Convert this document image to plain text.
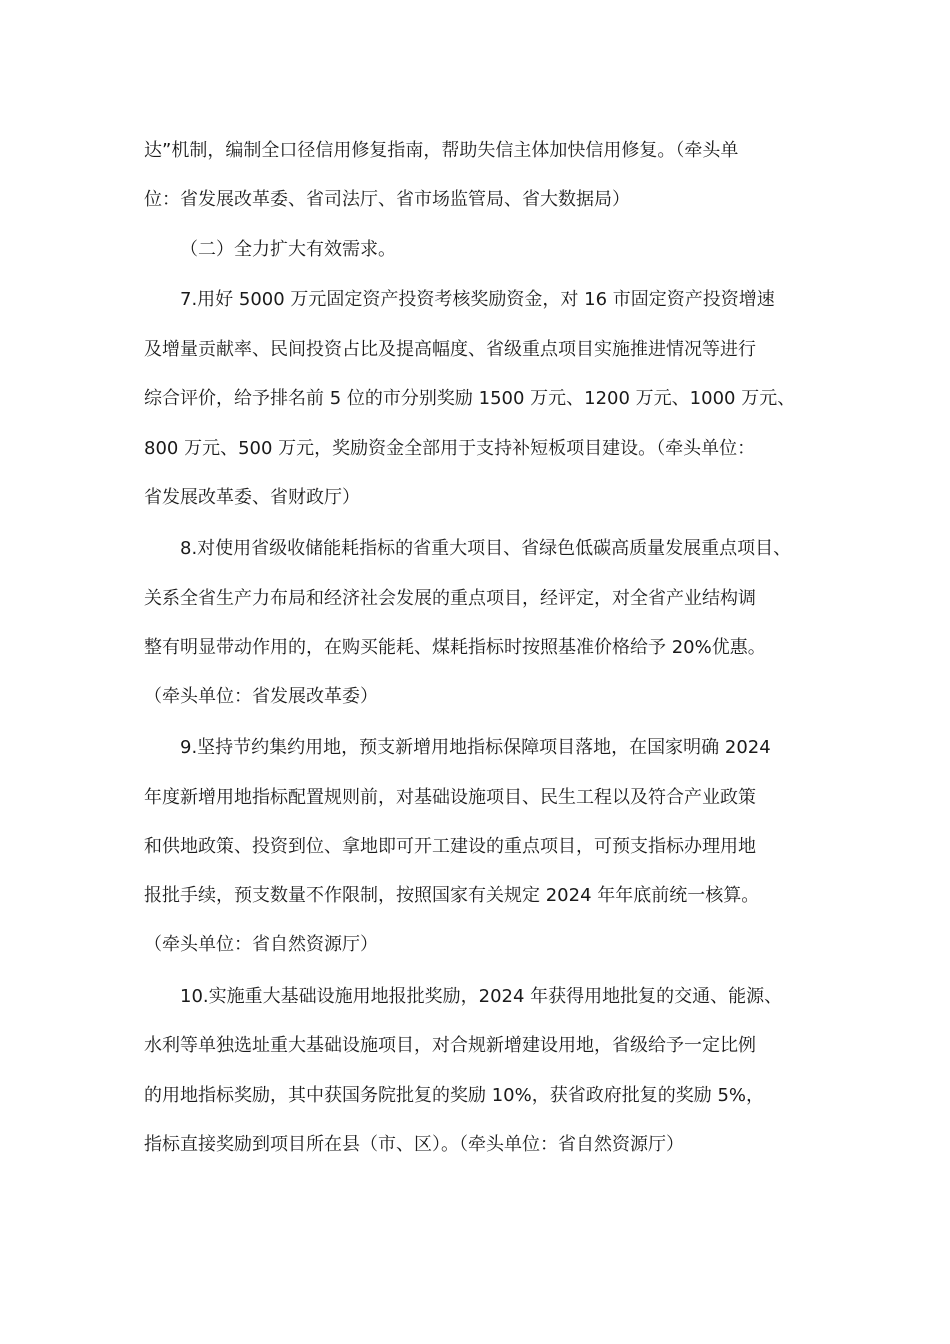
达”机制，编制全口径信用修复指南，帮助失信主体加快信用修复。（牵头单
位：省发展改革委、省司法厅、省市场监管局、省大数据局）
（二）全力扩大有效需求。
7.用好 5000 万元固定资产投资考核奖励资金，对 16 市固定资产投资增速
及增量贡献率、民间投资占比及提高幅度、省级重点项目实施推进情况等进行
综合评价，给予排名前 5 位的市分别奖励 1500 万元、1200 万元、1000 万元、
800 万元、500 万元，奖励资金全部用于支持补短板项目建设。（牵头单位：
省发展改革委、省财政厅）
8.对使用省级收储能耗指标的省重大项目、省绿色低碳高质量发展重点项目、
关系全省生产力布局和经济社会发展的重点项目，经评定，对全省产业结构调
整有明显带动作用的，在购买能耗、煤耗指标时按照基准价格给予 20%优惠。
（牵头单位：省发展改革委）
9.坚持节约集约用地，预支新增用地指标保障项目落地，在国家明确 2024
年度新增用地指标配置规则前，对基础设施项目、民生工程以及符合产业政策
和供地政策、投资到位、拿地即可开工建设的重点项目，可预支指标办理用地
报批手续，预支数量不作限制，按照国家有关规定 2024 年年底前统一核算。
（牵头单位：省自然资源厅）
10.实施重大基础设施用地报批奖励，2024 年获得用地批复的交通、能源、
水利等单独选址重大基础设施项目，对合规新增建设用地，省级给予一定比例
的用地指标奖励，其中获国务院批复的奖励 10%，获省政府批复的奖励 5%，
指标直接奖励到项目所在县（市、区）。（牵头单位：省自然资源厅）
